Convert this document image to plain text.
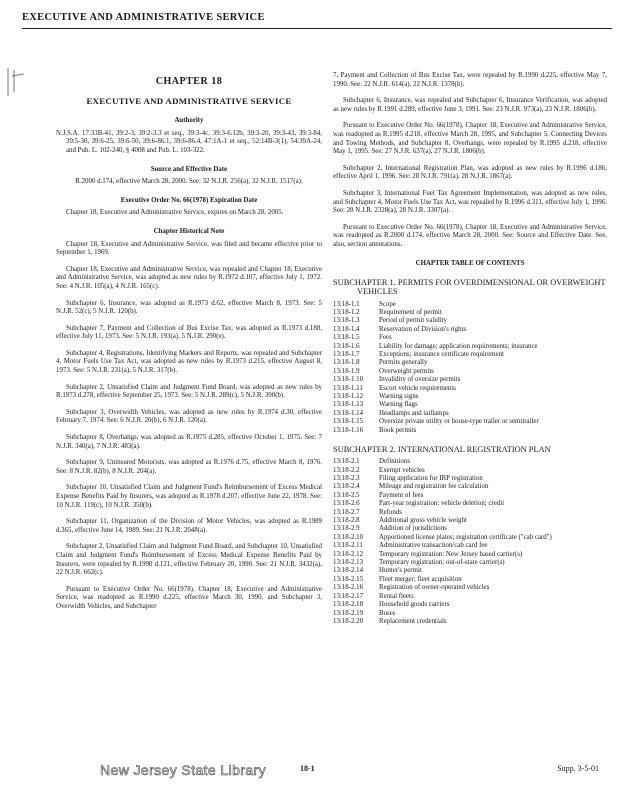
EXECUTIVE AND ADMINISTRATIVE SERVICE
CHAPTER 18
EXECUTIVE AND ADMINISTRATIVE SERVICE
Authority

N.J.S.A. 17:33B-41, 39:2-3, 39:2-3.3 et seq., 39:3-4c, 39:3-6.12b, 39:3-20, 39:3-43, 39:3-84, 39:5-30, 39:6-25, 39:6-50, 39:6-86.1, 39:6-86.4, 47:1A-1 et seq., 52:14B-3(1), 54:39A-24, and Pub. L. 102-240, § 4008 and Pub. L. 103-322.

Source and Effective Date

R.2000 d.174, effective March 28, 2000. See: 32 N.J.R. 256(a), 32 N.J.R. 1517(a).

Executive Order No. 66(1978) Expiration Date

Chapter 18, Executive and Administrative Service, expires on March 28, 2005.

Chapter Historical Note

Chapter 18, Executive and Administrative Service, was filed and became effective prior to September 1, 1969.

Chapter 18, Executive and Administrative Service, was repealed and Chapter 18, Executive and Administrative Service, was adopted as new rules by R.1972 d.107, effective July 1, 1972. See: 4 N.J.R. 105(a), 4 N.J.R. 165(c).

Subchapter 6, Insurance, was adopted as R.1973 d.62, effective March 8, 1973. See: 5 N.J.R. 52(c), 5 N.J.R. 120(b).

Subchapter 7, Payment and Collection of Bus Excise Tax, was adopted as R.1973 d.188, effective July 11, 1973. See: 5 N.J.R. 193(a), 5 N.J.R. 290(e).

Subchapter 4, Registrations, Identifying Markers and Reports, was repealed and Subchapter 4, Motor Fuels Use Tax Act, was adopted as new rules by R.1973 d.215, effective August 8, 1973. See: 5 N.J.R. 231(a), 5 N.J.R. 317(b).

Subchapter 2, Unsatisfied Claim and Judgment Fund Board, was adopted as new rules by R.1973 d.278, effective September 25, 1973. See: 5 N.J.R. 289(c), 5 N.J.R. 390(b).

Subchapter 3, Overwidth Vehicles, was adopted as new rules by R.1974 d.30, effective February 7, 1974. See: 6 N.J.R. 20(b), 6 N.J.R. 120(a).

Subchapter 8, Overhangs, was adopted as R.1975 d.285, effective October 1, 1975. See: 7 N.J.R. 340(a), 7 N.J.R. 483(a).

Subchapter 9, Uninsured Motorists, was adopted as R.1976 d.75, effective March 8, 1976. See: 8 N.J.R. 82(b), 8 N.J.R. 204(a).

Subchapter 10, Unsatisfied Claim and Judgment Fund's Reimbursement of Excess Medical Expense Benefits Paid by Insurers, was adopted as R.1978 d.207, effective June 22, 1978. See: 10 N.J.R. 119(c), 10 N.J.R. 350(b).

Subchapter 11, Organization of the Division of Motor Vehicles, was adopted as R.1989 d.365, effective June 14, 1989. See: 21 N.J.R. 2048(a).

Subchapter 2, Unsatisfied Claim and Judgment Fund Board, and Subchapter 10, Unsatisfied Claim and Judgment Fund's Reimbursement of Excess Medical Expense Benefits Paid by Insurers, were repealed by R.1990 d.121, effective February 20, 1990. See: 21 N.J.R. 3432(a), 22 N.J.R. 662(c).

Pursuant to Executive Order No. 66(1978), Chapter 18, Executive and Administrative Service, was readopted as R.1990 d.225, effective March 30, 1990, and Subchapter 3, Overwidth Vehicles, and Subchapter

7, Payment and Collection of Bus Excise Tax, were repealed by R.1990 d.225, effective May 7, 1990. See: 22 N.J.R. 614(a), 22 N.J.R. 1378(b).

Subchapter 6, Insurance, was repealed and Subchapter 6, Insurance Verification, was adopted as new rules by R.1991 d.289, effective June 3, 1991. See: 23 N.J.R. 973(a), 23 N.J.R. 1806(b).

Pursuant to Executive Order No. 66(1978), Chapter 18, Executive and Administrative Service, was readopted as R.1995 d.218, effective March 28, 1995, and Subchapter 5, Connecting Devices and Towing Methods, and Subchapter 8, Overhangs, were repealed by R.1995 d.218, effective May 1, 1995. See: 27 N.J.R. 637(a), 27 N.J.R. 1806(b).

Subchapter 2, International Registration Plan, was adopted as new rules by R.1996 d.186, effective April 1, 1996. See: 28 N.J.R. 791(a), 28 N.J.R. 1867(a).

Subchapter 3, International Fuel Tax Agreement Implementation, was adopted as new rules, and Subchapter 4, Motor Fuels Use Tax Act, was repealed by R.1996 d.311, effective July 1, 1996. See: 28 N.J.R. 2328(a), 28 N.J.R. 3307(a).

Pursuant to Executive Order No. 66(1978), Chapter 18, Executive and Administrative Service, was readopted as R.2000 d.174, effective March 28, 2000. See: Source and Effective Date. See, also, section annotations.

CHAPTER TABLE OF CONTENTS
SUBCHAPTER 1. PERMITS FOR OVERDIMENSIONAL OR OVERWEIGHT VEHICLES
13:18-1.1	Scope
13:18-1.2	Requirement of permit
13:18-1.3	Period of permit validity
13:18-1.4	Reservation of Division's rights
13:18-1.5	Fees
13:18-1.6	Liability for damage; application requirements; insurance
13:18-1.7	Exceptions; insurance certificate requirement
13:18-1.8	Permits generally
13:18-1.9	Overweight permits
13:18-1.10	Invalidity of oversize permits
13:18-1.11	Escort vehicle requirements
13:18-1.12	Warning signs
13:18-1.13	Warning flags
13:18-1.14	Headlamps and taillamps
13:18-1.15	Oversize private utility or house-type trailer or semitrailer
13:18-1.16	Book permits
SUBCHAPTER 2. INTERNATIONAL REGISTRATION PLAN
13:18-2.1	Definitions
13:18-2.2	Exempt vehicles
13:18-2.3	Filing application for IRP registration
13:18-2.4	Mileage and registration fee calculation
13:18-2.5	Payment of fees
13:18-2.6	Part-year registration; vehicle deletion; credit
13:18-2.7	Refunds
13:18-2.8	Additional gross vehicle weight
13:18-2.9	Addition of jurisdictions
13:18-2.10	Apportioned license plates; registration certificate ("cab card")
13:18-2.11	Administrative transaction/cab card fee
13:18-2.12	Temporary registration: New Jersey based carrier(s)
13:18-2.13	Temporary registration; out-of-state carrier(s)
13:18-2.14	Hunter's permit
13:18-2.15	Fleet merger; fleet acquisition
13:18-2.16	Registration of owner-operated vehicles
13:18-2.17	Rental fleets
13:18-2.18	Household goods carriers
13:18-2.19	Buses
13:18-2.20	Replacement credentials
New Jersey State Library	18-1	Supp. 3-5-01
